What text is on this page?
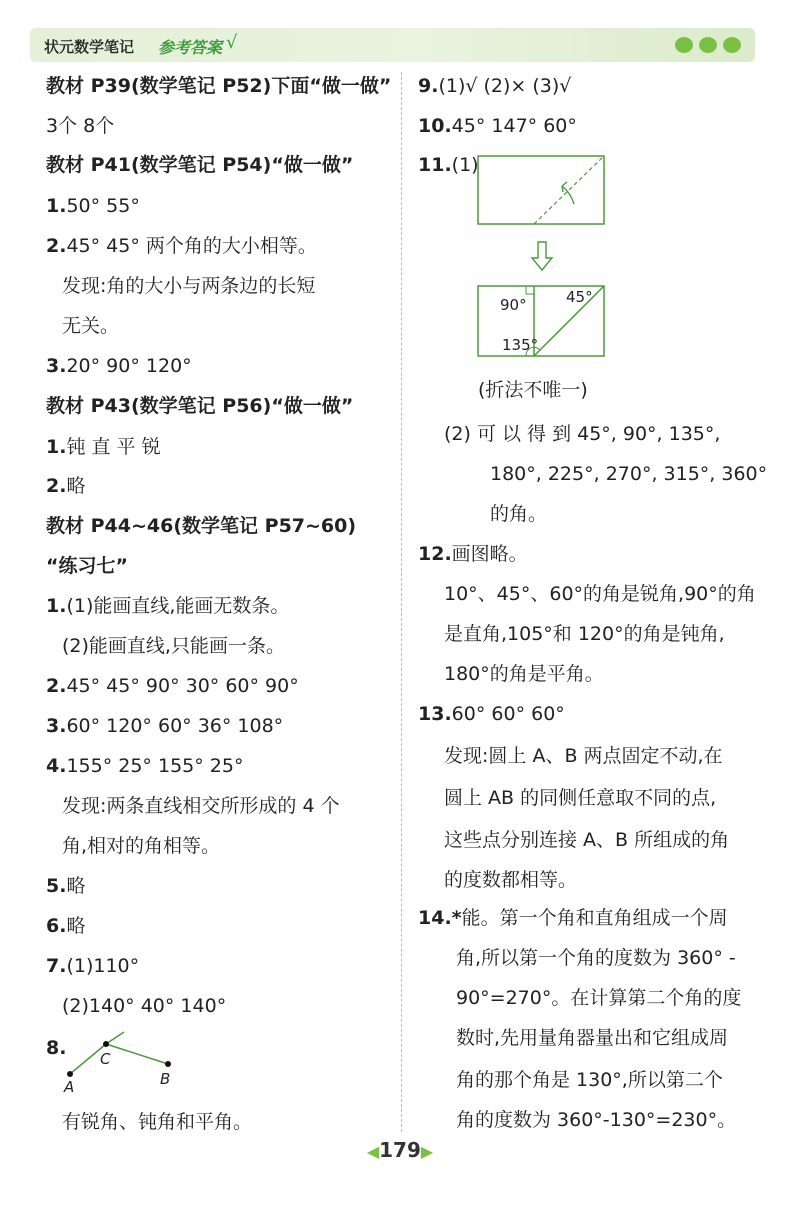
状元数学笔记 参考答案 √
教材 P39(数学笔记 P52)下面“做一做”
3个 8个
教材 P41(数学笔记 P54)“做一做”
1.50° 55°
2.45° 45° 两个角的大小相等。
发现:角的大小与两条边的长短
无关。
3.20° 90° 120°
教材 P43(数学笔记 P56)“做一做”
1.钝 直 平 锐
2.略
教材 P44~46(数学笔记 P57~60)
“练习七”
1.(1)能画直线,能画无数条。
(2)能画直线,只能画一条。
2.45° 45° 90° 30° 60° 90°
3.60° 120° 60° 36° 108°
4.155° 25° 155° 25°
发现:两条直线相交所形成的 4 个
角,相对的角相等。
5.略
6.略
7.(1)110°
(2)140° 40° 140°
8.
A
C
B
有锐角、钝角和平角。
9.(1)√ (2)× (3)√
10.45° 147° 60°
11.(1)
90°	45°
135°
(折法不唯一)
(2) 可 以 得 到 45°, 90°, 135°,
180°, 225°, 270°, 315°, 360°
的角。
12.画图略。
10°、45°、60°的角是锐角,90°的角
是直角,105°和 120°的角是钝角,
180°的角是平角。
13.60° 60° 60°
发现:圆上 A、B 两点固定不动,在
圆上 AB 的同侧任意取不同的点,
这些点分别连接 A、B 所组成的角
的度数都相等。
14.*能。第一个角和直角组成一个周
角,所以第一个角的度数为 360° -
90°=270°。在计算第二个角的度
数时,先用量角器量出和它组成周
角的那个角是 130°,所以第二个
角的度数为 360°-130°=230°。
◀179▶
